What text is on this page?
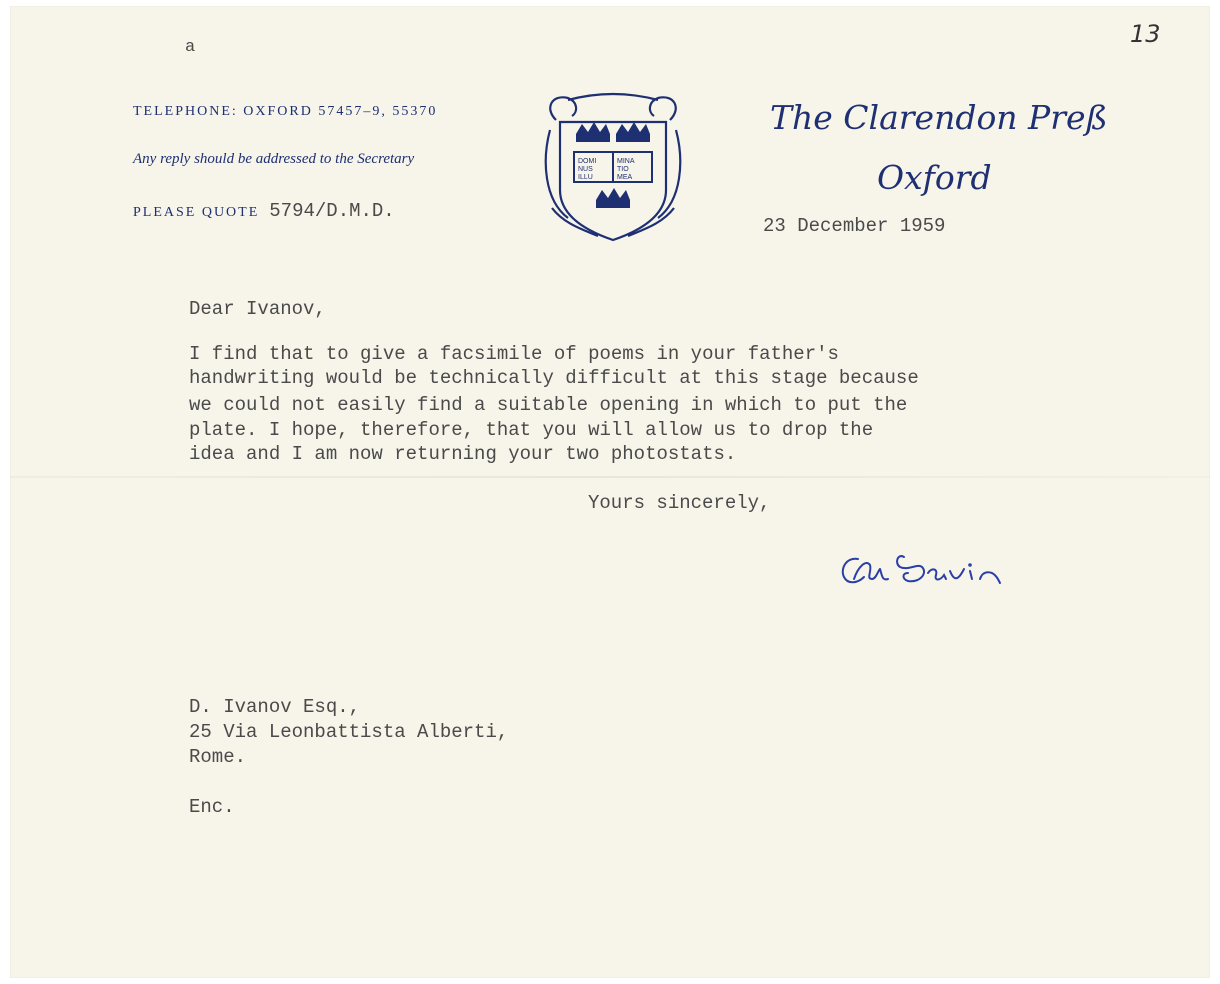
a	13
TELEPHONE: OXFORD 57457–9, 55370
Any reply should be addressed to the Secretary
PLEASE QUOTE 5794/D.M.D.
DOMI
NUS
ILLU
MINA
TIO
MEA
The Clarendon Preß
Oxford
23 December 1959
Dear Ivanov,
I find that to give a facsimile of poems in your father's
handwriting would be technically difficult at this stage because
we could not easily find a suitable opening in which to put the
plate. I hope, therefore, that you will allow us to drop the
idea and I am now returning your two photostats.
Yours sincerely,
D. Ivanov Esq.,
25 Via Leonbattista Alberti,
Rome.
Enc.
